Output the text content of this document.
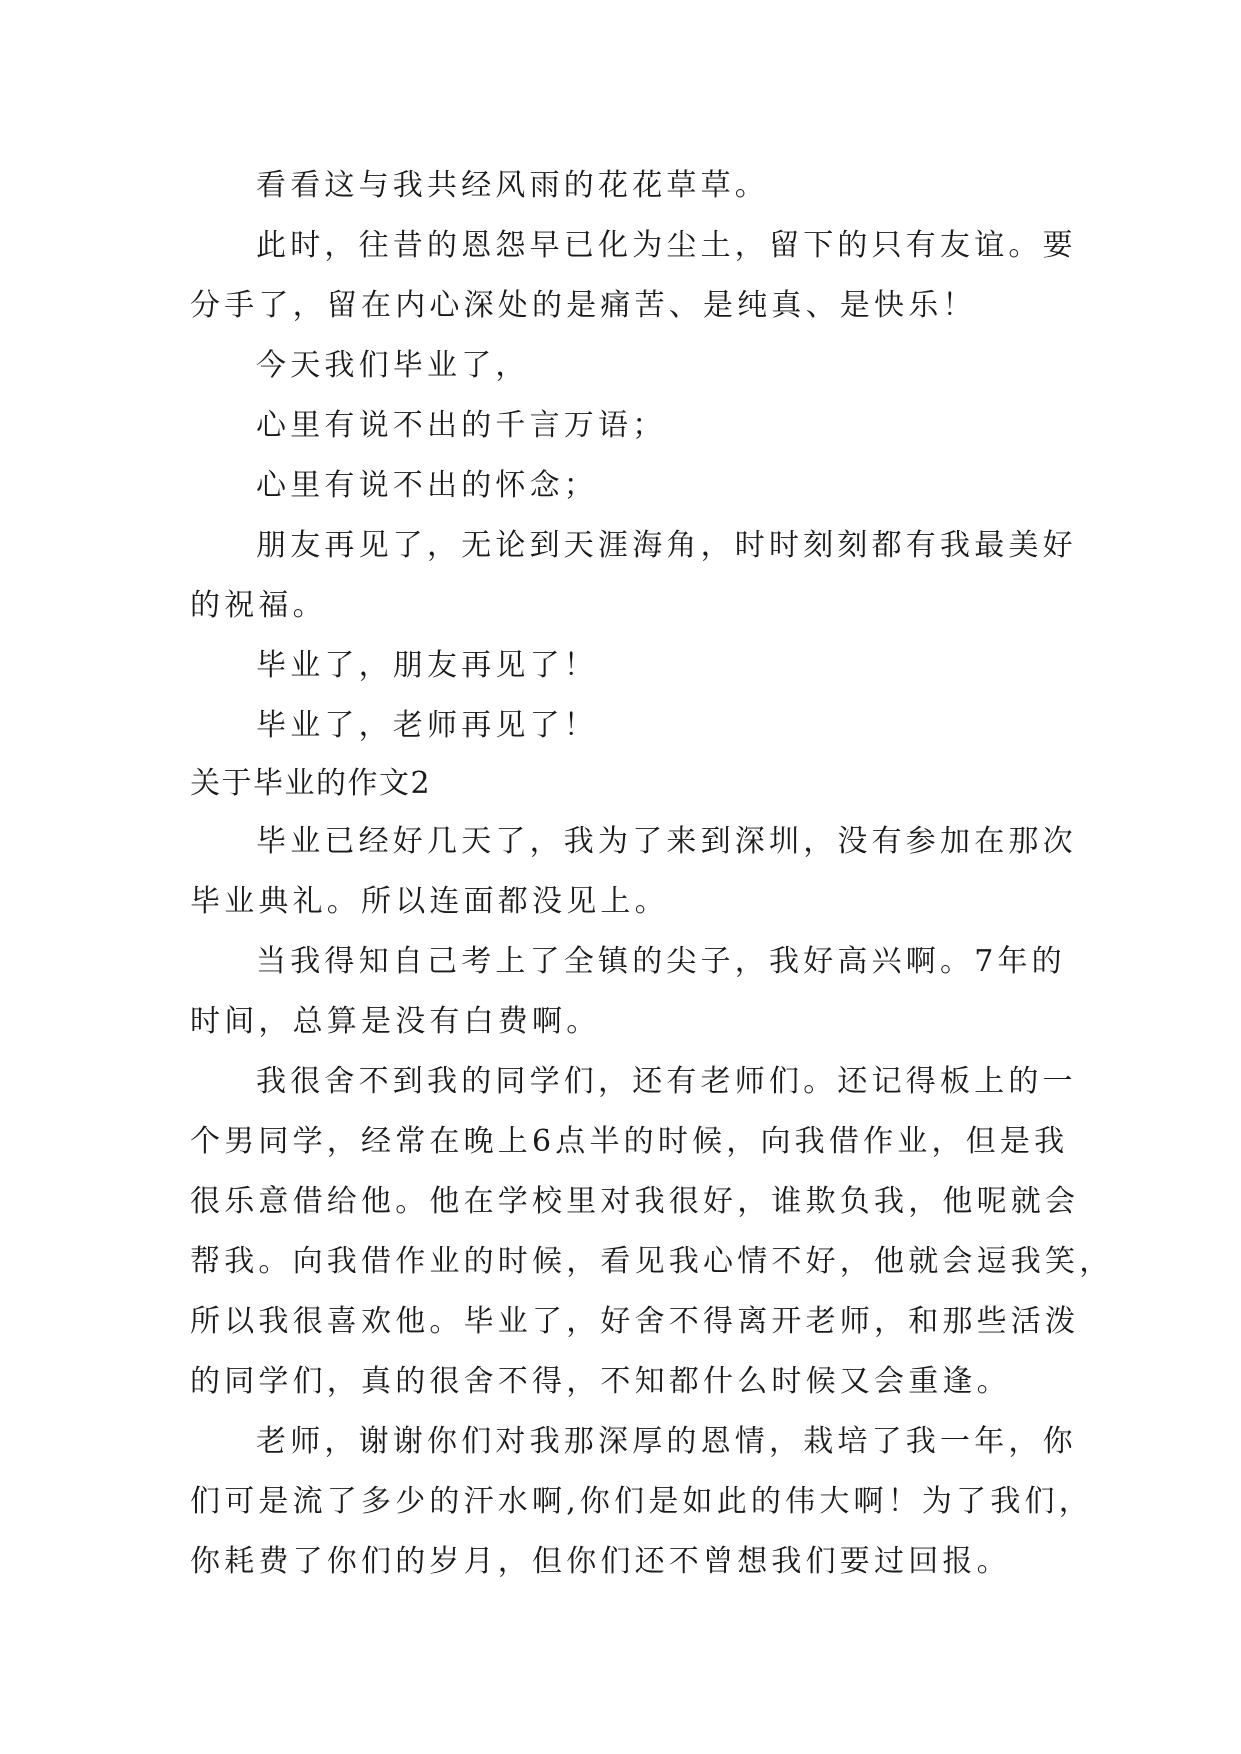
看看这与我共经风雨的花花草草。

此时，往昔的恩怨早已化为尘土，留下的只有友谊。要

分手了，留在内心深处的是痛苦、是纯真、是快乐！

今天我们毕业了，

心里有说不出的千言万语；

心里有说不出的怀念；

朋友再见了，无论到天涯海角，时时刻刻都有我最美好

的祝福。

毕业了，朋友再见了！

毕业了，老师再见了！

关于毕业的作文2

毕业已经好几天了，我为了来到深圳，没有参加在那次

毕业典礼。所以连面都没见上。

当我得知自己考上了全镇的尖子，我好高兴啊。7年的

时间，总算是没有白费啊。

我很舍不到我的同学们，还有老师们。还记得板上的一

个男同学，经常在晚上6点半的时候，向我借作业，但是我

很乐意借给他。他在学校里对我很好，谁欺负我，他呢就会

帮我。向我借作业的时候，看见我心情不好，他就会逗我笑，

所以我很喜欢他。毕业了，好舍不得离开老师，和那些活泼

的同学们，真的很舍不得，不知都什么时候又会重逢。

老师，谢谢你们对我那深厚的恩情，栽培了我一年，你

们可是流了多少的汗水啊,你们是如此的伟大啊！为了我们，

你耗费了你们的岁月，但你们还不曾想我们要过回报。
